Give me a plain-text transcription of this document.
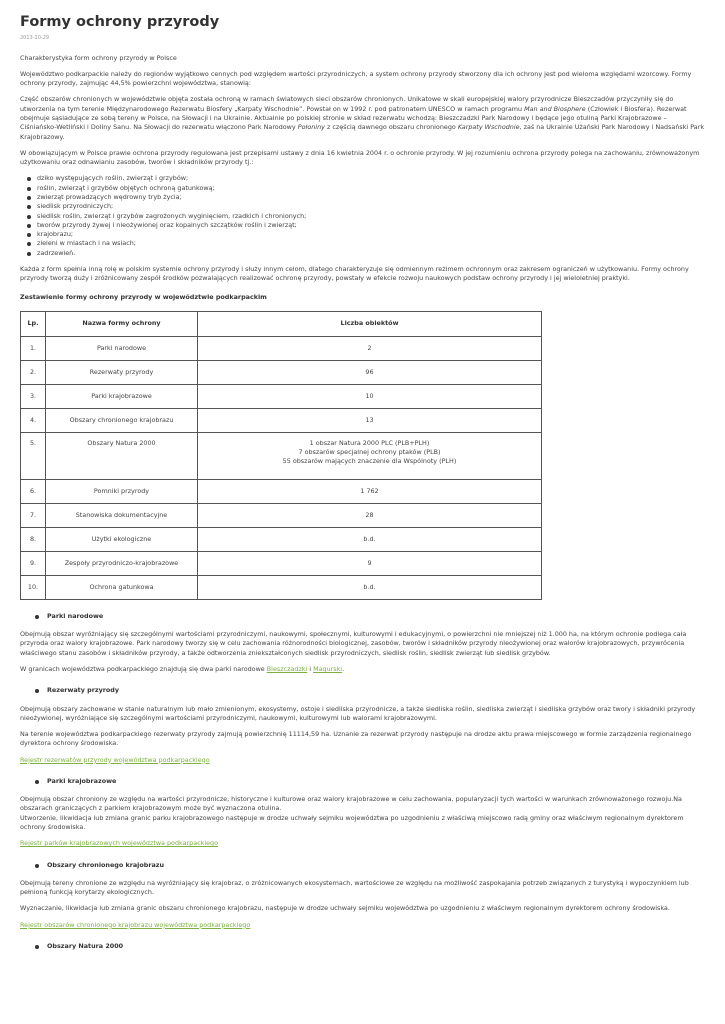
Formy ochrony przyrody
2013-10-29

Charakterystyka form ochrony przyrody w Polsce

Województwo podkarpackie należy do regionów wyjątkowo cennych pod względem wartości przyrodniczych, a system ochrony przyrody stworzony dla ich ochrony jest pod wieloma względami wzorcowy. Formy ochrony przyrody, zajmując 44,5% powierzchni województwa, stanowią:

Część obszarów chronionych w województwie objęta została ochroną w ramach światowych sieci obszarów chronionych. Unikatowe w skali europejskiej walory przyrodnicze Bieszczadów przyczyniły się do utworzenia na tym terenie Międzynarodowego Rezerwatu Biosfery „Karpaty Wschodnie”. Powstał on w 1992 r. pod patronatem UNESCO w ramach programu Man and Biosphere (Człowiek i Biosfera). Rezerwat obejmuje sąsiadujące ze sobą tereny w Polsce, na Słowacji i na Ukrainie. Aktualnie po polskiej stronie w skład rezerwatu wchodzą: Bieszczadzki Park Narodowy i będące jego otuliną Parki Krajobrazowe – Ciśniańsko-Wetliński i Doliny Sanu. Na Słowacji do rezerwatu włączono Park Narodowy Połoniny z częścią dawnego obszaru chronionego Karpaty Wschodnie, zaś na Ukrainie Użański Park Narodowy i Nadsański Park Krajobrazowy.

W obowiązującym w Polsce prawie ochrona przyrody regulowana jest przepisami ustawy z dnia 16 kwietnia 2004 r. o ochronie przyrody. W jej rozumieniu ochrona przyrody polega na zachowaniu, zrównoważonym użytkowaniu oraz odnawianiu zasobów, tworów i składników przyrody tj.:

dziko występujących roślin, zwierząt i grzybów;
roślin, zwierząt i grzybów objętych ochroną gatunkową;
zwierząt prowadzących wędrowny tryb życia;
siedlisk przyrodniczych;
siedlisk roślin, zwierząt i grzybów zagrożonych wyginięciem, rzadkich i chronionych;
tworów przyrody żywej i nieożywionej oraz kopalnych szczątków roślin i zwierząt;
krajobrazu;
zieleni w miastach i na wsiach;
zadrzewień.

Każda z form spełnia inną rolę w polskim systemie ochrony przyrody i służy innym celom, dlatego charakteryzuje się odmiennym reżimem ochronnym oraz zakresem ograniczeń w użytkowaniu. Formy ochrony przyrody tworzą duży i zróżnicowany zespół środków pozwalających realizować ochronę przyrody, powstały w efekcie rozwoju naukowych podstaw ochrony przyrody i jej wieloletniej praktyki.

Zestawienie formy ochrony przyrody w województwie podkarpackim
Lp.	Nazwa formy ochrony	Liczba obiektów
1.	Parki narodowe	2
2.	Rezerwaty przyrody	96
3.	Parki krajobrazowe	10
4.	Obszary chronionego krajobrazu	13
5.	Obszary Natura 2000	1 obszar Natura 2000 PLC (PLB+PLH)
7 obszarów specjalnej ochrony ptaków (PLB)
55 obszarów mających znaczenie dla Wspólnoty (PLH)
6.	Pomniki przyrody	1 762
7.	Stanowiska dokumentacyjne	28
8.	Użytki ekologiczne	b.d.
9.	Zespoły przyrodniczo-krajobrazowe	9
10.	Ochrona gatunkowa	b.d.
Parki narodowe

Obejmują obszar wyróżniający się szczególnymi wartościami przyrodniczymi, naukowymi, społecznymi, kulturowymi i edukacyjnymi, o powierzchni nie mniejszej niż 1.000 ha, na którym ochronie podlega cała przyroda oraz walory krajobrazowe. Park narodowy tworzy się w celu zachowania różnorodności biologicznej, zasobów, tworów i składników przyrody nieożywionej oraz walorów krajobrazowych, przywrócenia właściwego stanu zasobów i składników przyrody, a także odtworzenia zniekształconych siedlisk przyrodniczych, siedlisk roślin, siedlisk zwierząt lub siedlisk grzybów.

W granicach województwa podkarpackiego znajdują się dwa parki narodowe Bieszczadzki i Magurski.

Rezerwaty przyrody

Obejmują obszary zachowane w stanie naturalnym lub mało zmienionym, ekosystemy, ostoje i siedliska przyrodnicze, a także siedliska roślin, siedliska zwierząt i siedliska grzybów oraz twory i składniki przyrody nieożywionej, wyróżniające się szczególnymi wartościami przyrodniczymi, naukowymi, kulturowymi lub walorami krajobrazowymi.

Na terenie województwa podkarpackiego rezerwaty przyrody zajmują powierzchnię 11114,59 ha. Uznanie za rezerwat przyrody następuje na drodze aktu prawa miejscowego w formie zarządzenia regionalnego dyrektora ochrony środowiska.

Rejestr rezerwatów przyrody województwa podkarpackiego

Parki krajobrazowe

Obejmują obszar chroniony ze względu na wartości przyrodnicze, historyczne i kulturowe oraz walory krajobrazowe w celu zachowania, popularyzacji tych wartości w warunkach zrównoważonego rozwoju.Na obszarach graniczących z parkiem krajobrazowym może być wyznaczona otulina.
Utworzenie, likwidacja lub zmiana granic parku krajobrazowego następuje w drodze uchwały sejmiku województwa po uzgodnieniu z właściwą miejscowo radą gminy oraz właściwym regionalnym dyrektorem ochrony środowiska.

Rejestr parków krajobrazowych województwa podkarpackiego

Obszary chronionego krajobrazu

Obejmują tereny chronione ze względu na wyróżniający się krajobraz, o zróżnicowanych ekosystemach, wartościowe ze względu na możliwość zaspokajania potrzeb związanych z turystyką i wypoczynkiem lub pełnioną funkcją korytarzy ekologicznych.

Wyznaczanie, likwidacja lub zmiana granic obszaru chronionego krajobrazu, następuje w drodze uchwały sejmiku województwa po uzgodnieniu z właściwym regionalnym dyrektorem ochrony środowiska.

Rejestr obszarów chronionego krajobrazu województwa podkarpackiego

Obszary Natura 2000
